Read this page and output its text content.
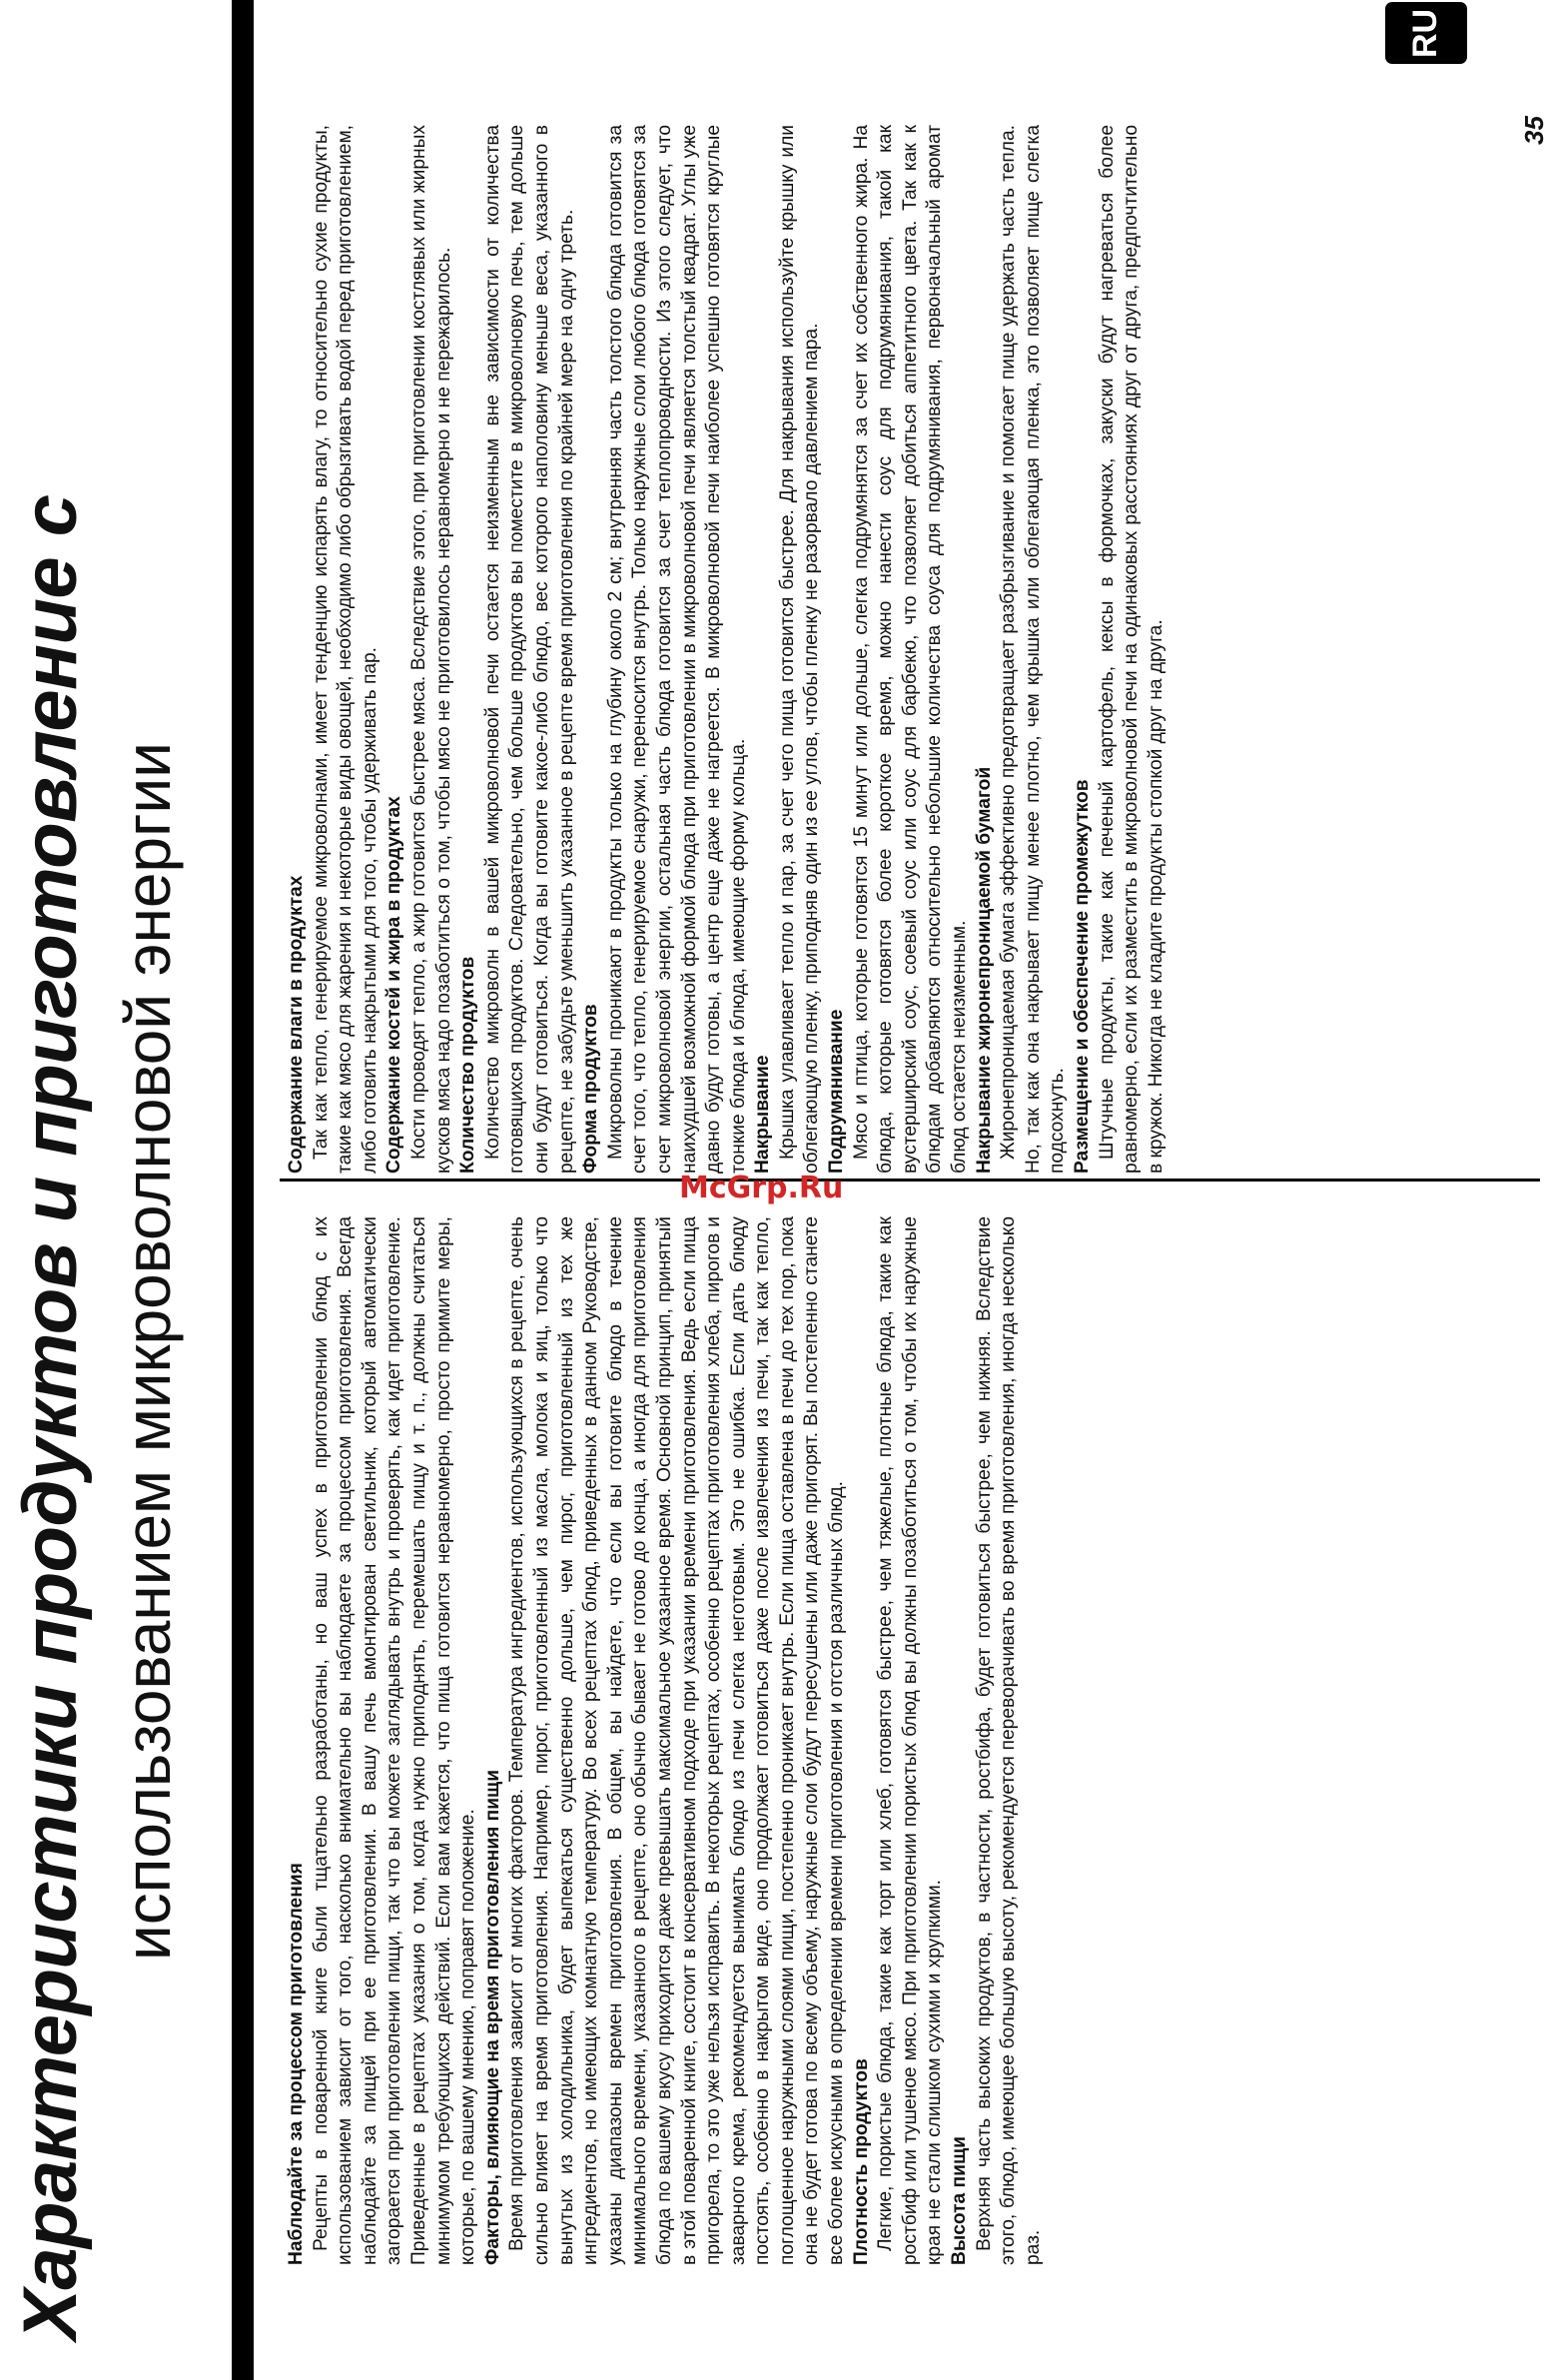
RU
35
Характеристики продуктов и приготовление с использованием микроволновой энергии
Наблюдайте за процессом приготовления Рецепты в поваренной книге были тщательно разработаны, но ваш успех в приготовлении блюд с их использованием зависит от того, насколько внимательно вы наблюдаете за процессом приготовления. Всегда наблюдайте за пищей при ее приготовлении. В вашу печь вмонтирован светильник, который автоматически загорается при приготовлении пищи, так что вы можете заглядывать внутрь и проверять, как идет приготовление. Приведенные в рецептах указания о том, когда нужно приподнять, перемешать пищу и т. п., должны считаться минимумом требующихся действий. Если вам кажется, что пища готовится неравномерно, просто примите меры, которые, по вашему мнению, поправят положение. Факторы, влияющие на время приготовления пищи Время приготовления зависит от многих факторов. Температура ингредиентов, использующихся в рецепте, очень сильно влияет на время приготовления. Например, пирог, приготовленный из масла, молока и яиц, только что вынутых из холодильника, будет выпекаться существенно дольше, чем пирог, приготовленный из тех же ингредиентов, но имеющих комнатную температуру. Во всех рецептах блюд, приведенных в данном Руководстве, указаны диапазоны времен приготовления. В общем, вы найдете, что если вы готовите блюдо в течение минимального времени, указанного в рецепте, оно обычно бывает не готово до конца, а иногда для приготовления блюда по вашему вкусу приходится даже превышать максимальное указанное время. Основной принцип, принятый в этой поваренной книге, состоит в консервативном подходе при указании времени приготовления. Ведь если пища пригорела, то это уже нельзя исправить. В некоторых рецептах, особенно рецептах приготовления хлеба, пирогов и заварного крема, рекомендуется вынимать блюдо из печи слегка неготовым. Это не ошибка. Если дать блюду постоять, особенно в накрытом виде, оно продолжает готовиться даже после извлечения из печи, так как тепло, поглощенное наружными слоями пищи, постепенно проникает внутрь. Если пища оставлена в печи до тех пор, пока она не будет готова по всему объему, наружные слои будут пересушены или даже пригорят. Вы постепенно станете все более искусными в определении времени приготовления и отстоя различных блюд. Плотность продуктов Легкие, пористые блюда, такие как торт или хлеб, готовятся быстрее, чем тяжелые, плотные блюда, такие как ростбиф или тушеное мясо. При приготовлении пористых блюд вы должны позаботиться о том, чтобы их наружные края не стали слишком сухими и хрупкими. Высота пищи Верхняя часть высоких продуктов, в частности, ростбифа, будет готовиться быстрее, чем нижняя. Вследствие этого, блюдо, имеющее большую высоту, рекомендуется переворачивать во время приготовления, иногда несколько раз.

Содержание влаги в продуктах Так как тепло, генерируемое микроволнами, имеет тенденцию испарять влагу, то относительно сухие продукты, такие как мясо для жарения и некоторые виды овощей, необходимо либо обрызгивать водой перед приготовлением, либо готовить накрытыми для того, чтобы удерживать пар. Содержание костей и жира в продуктах Кости проводят тепло, а жир готовится быстрее мяса. Вследствие этого, при приготовлении костлявых или жирных кусков мяса надо позаботиться о том, чтобы мясо не приготовилось неравномерно и не пережарилось. Количество продуктов Количество микроволн в вашей микроволновой печи остается неизменным вне зависимости от количества готовящихся продуктов. Следовательно, чем больше продуктов вы поместите в микроволновую печь, тем дольше они будут готовиться. Когда вы готовите какое-либо блюдо, вес которого наполовину меньше веса, указанного в рецепте, не забудьте уменьшить указанное в рецепте время приготовления по крайней мере на одну треть. Форма продуктов Микроволны проникают в продукты только на глубину около 2 см; внутренняя часть толстого блюда готовится за счет того, что тепло, генерируемое снаружи, переносится внутрь. Только наружные слои любого блюда готовятся за счет микроволновой энергии, остальная часть блюда готовится за счет теплопроводности. Из этого следует, что наихудшей возможной формой блюда при приготовлении в микроволновой печи является толстый квадрат. Углы уже давно будут готовы, а центр еще даже не нагреется. В микроволновой печи наиболее успешно готовятся круглые тонкие блюда и блюда, имеющие форму кольца. Накрывание Крышка улавливает тепло и пар, за счет чего пища готовится быстрее. Для накрывания используйте крышку или облегающую пленку, приподняв один из ее углов, чтобы пленку не разорвало давлением пара. Подрумянивание Мясо и птица, которые готовятся 15 минут или дольше, слегка подрумянятся за счет их собственного жира. На блюда, которые готовятся более короткое время, можно нанести соус для подрумянивания, такой как вустерширский соус, соевый соус или соус для барбекю, что позволяет добиться аппетитного цвета. Так как к блюдам добавляются относительно небольшие количества соуса для подрумянивания, первоначальный аромат блюд остается неизменным. Накрывание жиронепроницаемой бумагой Жиронепроницаемая бумага эффективно предотвращает разбрызгивание и помогает пище удержать часть тепла. Но, так как она накрывает пищу менее плотно, чем крышка или облегающая пленка, это позволяет пище слегка подсохнуть. Размещение и обеспечение промежутков Штучные продукты, такие как печеный картофель, кексы в формочках, закуски будут нагреваться более равномерно, если их разместить в микроволновой печи на одинаковых расстояниях друг от друга, предпочтительно в кружок. Никогда не кладите продукты стопкой друг на друга.

McGrp.Ru
